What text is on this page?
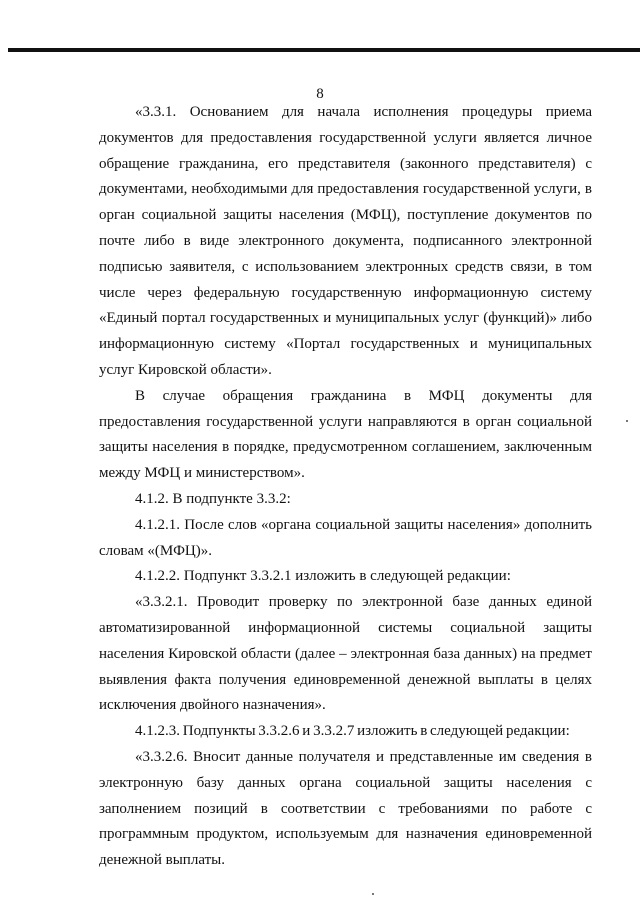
8

«3.3.1. Основанием для начала исполнения процедуры приема документов для предоставления государственной услуги является личное обращение гражданина, его представителя (законного представителя) с документами, необходимыми для предоставления государственной услуги, в орган социальной защиты населения (МФЦ), поступление документов по почте либо в виде электронного документа, подписанного электронной подписью заявителя, с использованием электронных средств связи, в том числе через федеральную государственную информационную систему «Единый портал государственных и муниципальных услуг (функций)» либо информационную систему «Портал государственных и муниципальных услуг Кировской области».

В случае обращения гражданина в МФЦ документы для предоставления государственной услуги направляются в орган социальной защиты населения в порядке, предусмотренном соглашением, заключенным между МФЦ и министерством».

4.1.2. В подпункте 3.3.2:

4.1.2.1. После слов «органа социальной защиты населения» дополнить словам «(МФЦ)».

4.1.2.2. Подпункт 3.3.2.1 изложить в следующей редакции:

«3.3.2.1. Проводит проверку по электронной базе данных единой автоматизированной информационной системы социальной защиты населения Кировской области (далее – электронная база данных) на предмет выявления факта получения единовременной денежной выплаты в целях исключения двойного назначения».

4.1.2.3. Подпункты 3.3.2.6 и 3.3.2.7 изложить в следующей редакции:

«3.3.2.6. Вносит данные получателя и представленные им сведения в электронную базу данных органа социальной защиты населения с заполнением позиций в соответствии с требованиями по работе с программным продуктом, используемым для назначения единовременной денежной выплаты.
